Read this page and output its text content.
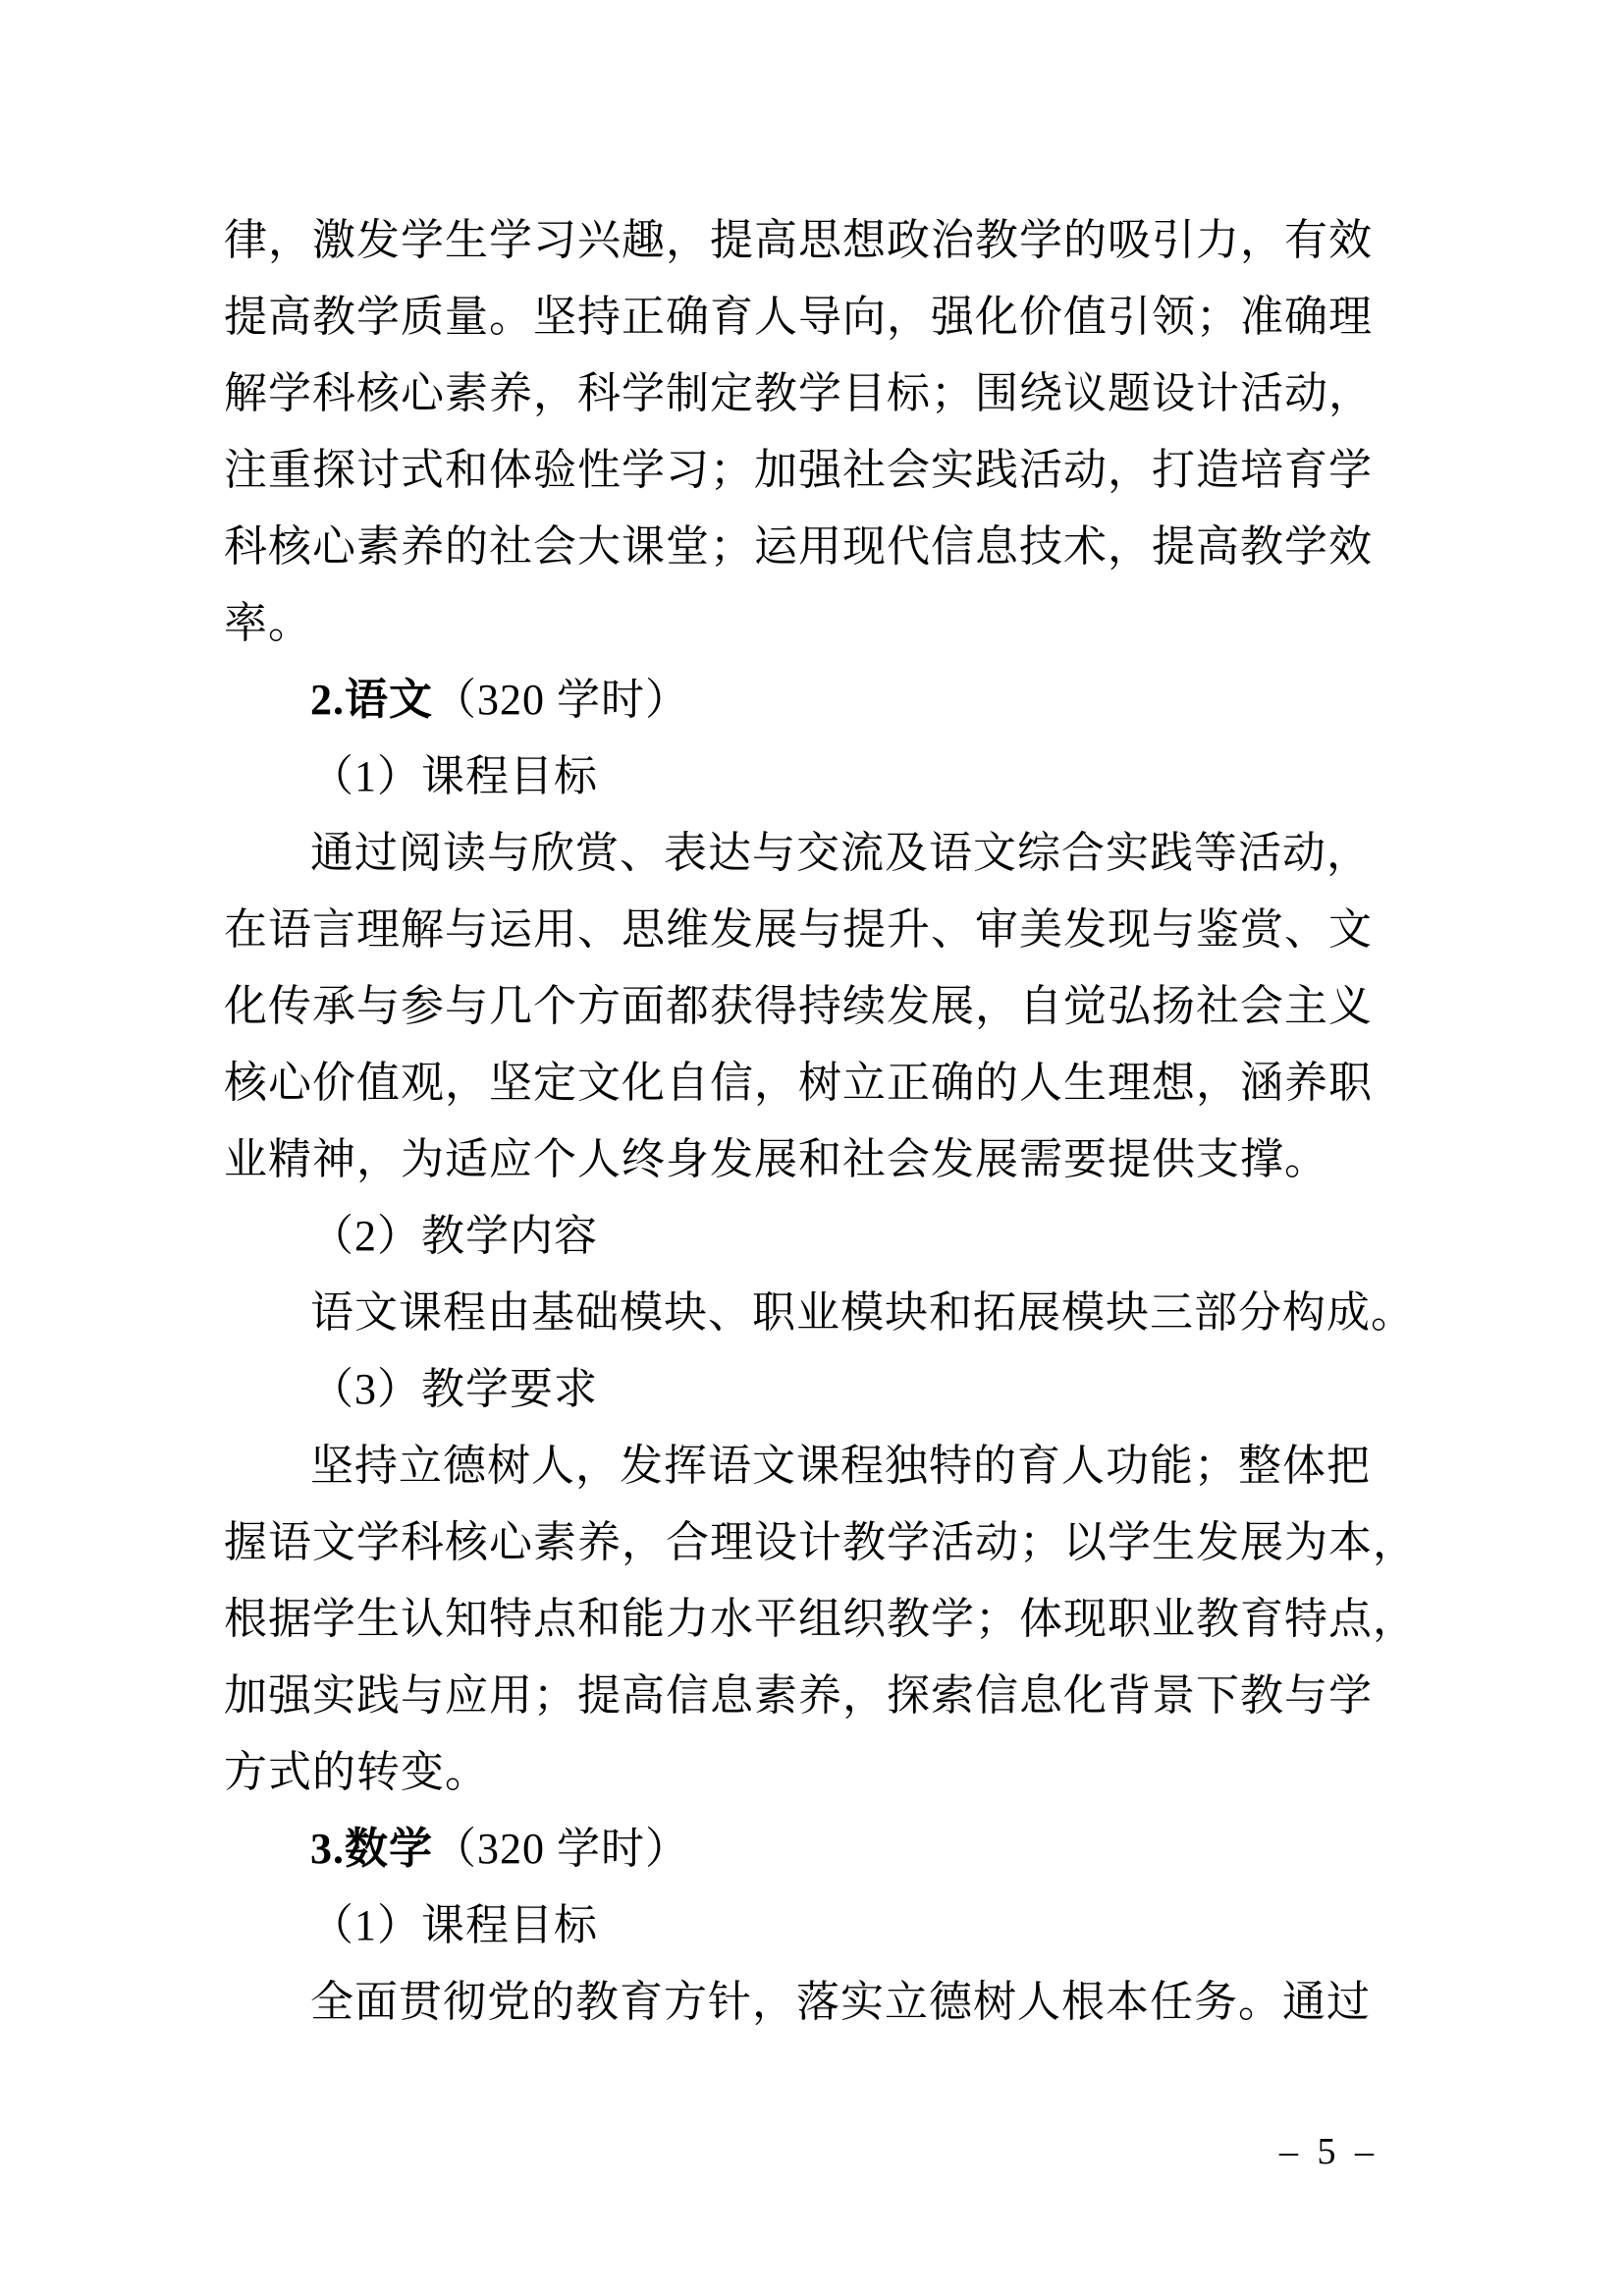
律，激发学生学习兴趣，提高思想政治教学的吸引力，有效
提高教学质量。坚持正确育人导向，强化价值引领；准确理
解学科核心素养，科学制定教学目标；围绕议题设计活动，
注重探讨式和体验性学习；加强社会实践活动，打造培育学
科核心素养的社会大课堂；运用现代信息技术，提高教学效
率。
2.语文（320 学时）
（1）课程目标
通过阅读与欣赏、表达与交流及语文综合实践等活动，
在语言理解与运用、思维发展与提升、审美发现与鉴赏、文
化传承与参与几个方面都获得持续发展，自觉弘扬社会主义
核心价值观，坚定文化自信，树立正确的人生理想，涵养职
业精神，为适应个人终身发展和社会发展需要提供支撑。
（2）教学内容
语文课程由基础模块、职业模块和拓展模块三部分构成。
（3）教学要求
坚持立德树人，发挥语文课程独特的育人功能；整体把
握语文学科核心素养，合理设计教学活动；以学生发展为本，
根据学生认知特点和能力水平组织教学；体现职业教育特点，
加强实践与应用；提高信息素养，探索信息化背景下教与学
方式的转变。
3.数学（320 学时）
（1）课程目标
全面贯彻党的教育方针，落实立德树人根本任务。通过
– 5 –
